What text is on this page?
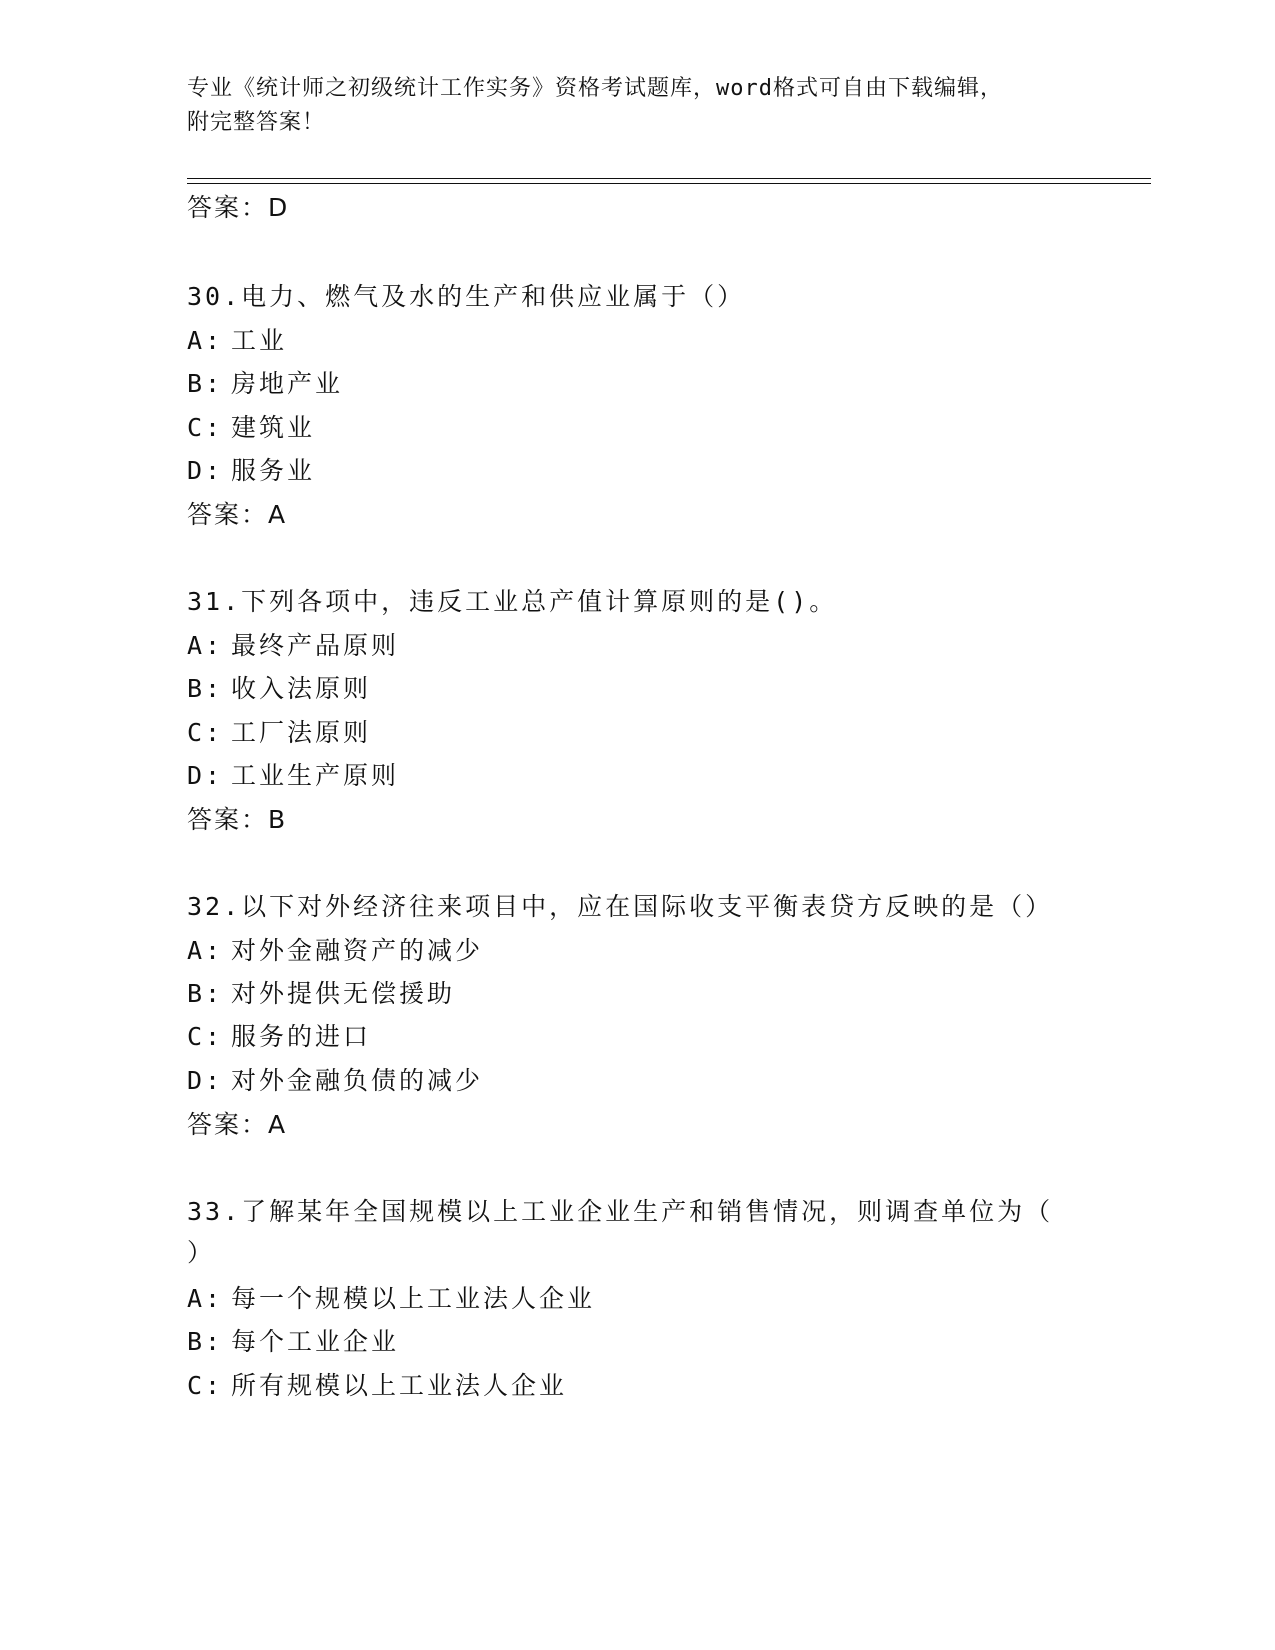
专业《统计师之初级统计工作实务》资格考试题库，word格式可自由下载编辑，
附完整答案！
答案：D
30.电力、燃气及水的生产和供应业属于（）
A: 工业
B: 房地产业
C: 建筑业
D: 服务业
答案：A
31.下列各项中，违反工业总产值计算原则的是()。
A: 最终产品原则
B: 收入法原则
C: 工厂法原则
D: 工业生产原则
答案：B
32.以下对外经济往来项目中，应在国际收支平衡表贷方反映的是（）
A: 对外金融资产的减少
B: 对外提供无偿援助
C: 服务的进口
D: 对外金融负债的减少
答案：A
33.了解某年全国规模以上工业企业生产和销售情况，则调查单位为（
）
A: 每一个规模以上工业法人企业
B: 每个工业企业
C: 所有规模以上工业法人企业
